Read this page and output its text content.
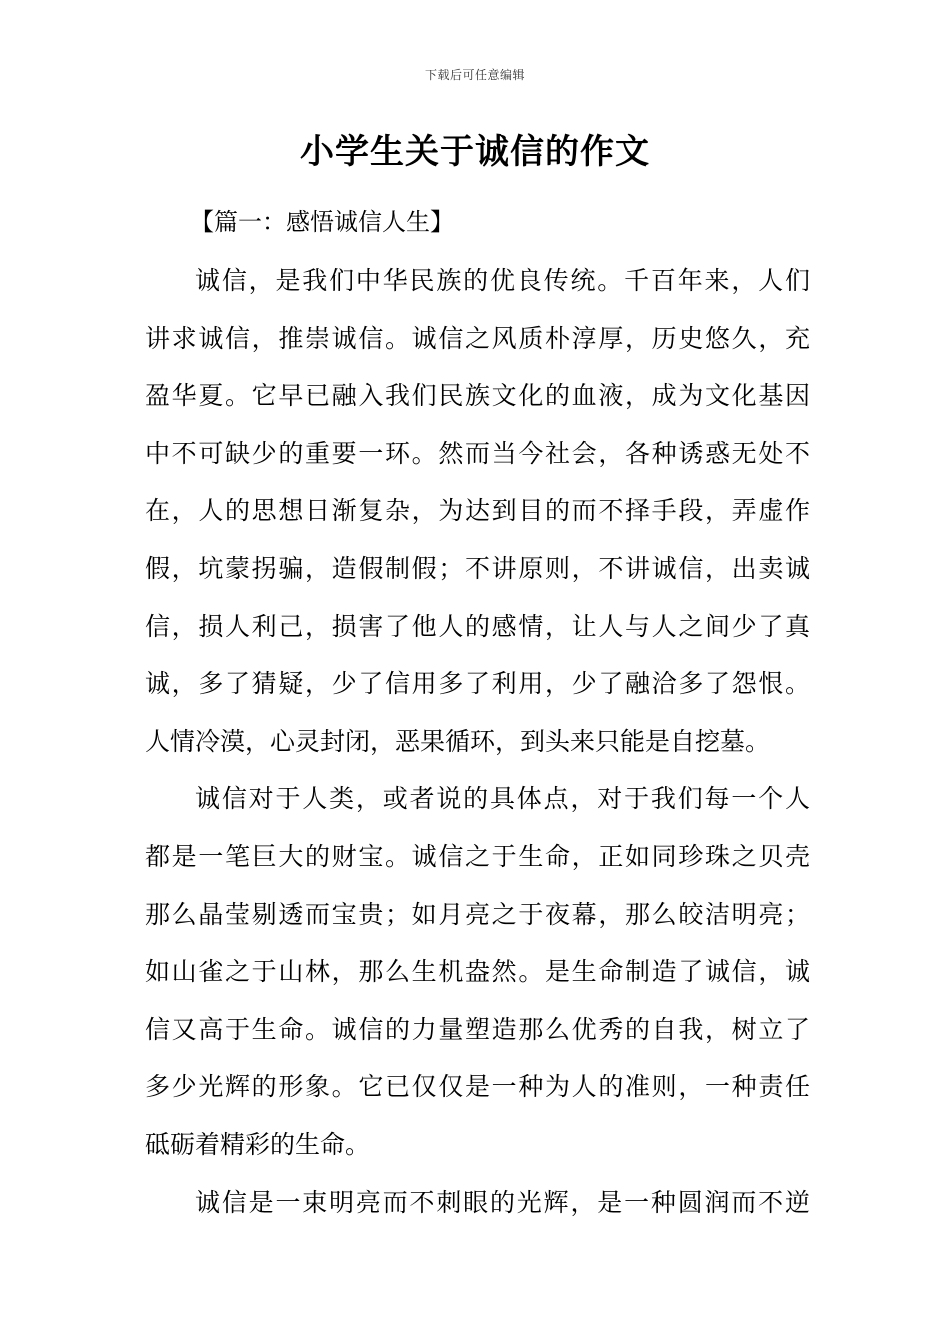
下载后可任意编辑
小学生关于诚信的作文
【篇一：感悟诚信人生】

诚信，是我们中华民族的优良传统。千百年来，人们
讲求诚信，推崇诚信。诚信之风质朴淳厚，历史悠久，充
盈华夏。它早已融入我们民族文化的血液，成为文化基因
中不可缺少的重要一环。然而当今社会，各种诱惑无处不
在，人的思想日渐复杂，为达到目的而不择手段，弄虚作
假，坑蒙拐骗，造假制假；不讲原则，不讲诚信，出卖诚
信，损人利己，损害了他人的感情，让人与人之间少了真
诚，多了猜疑，少了信用多了利用，少了融洽多了怨恨。
人情冷漠，心灵封闭，恶果循环，到头来只能是自挖墓。

诚信对于人类，或者说的具体点，对于我们每一个人
都是一笔巨大的财宝。诚信之于生命，正如同珍珠之贝壳
那么晶莹剔透而宝贵；如月亮之于夜幕，那么皎洁明亮；
如山雀之于山林，那么生机盎然。是生命制造了诚信，诚
信又高于生命。诚信的力量塑造那么优秀的自我，树立了
多少光辉的形象。它已仅仅是一种为人的准则，一种责任
砥砺着精彩的生命。

诚信是一束明亮而不刺眼的光辉，是一种圆润而不逆
